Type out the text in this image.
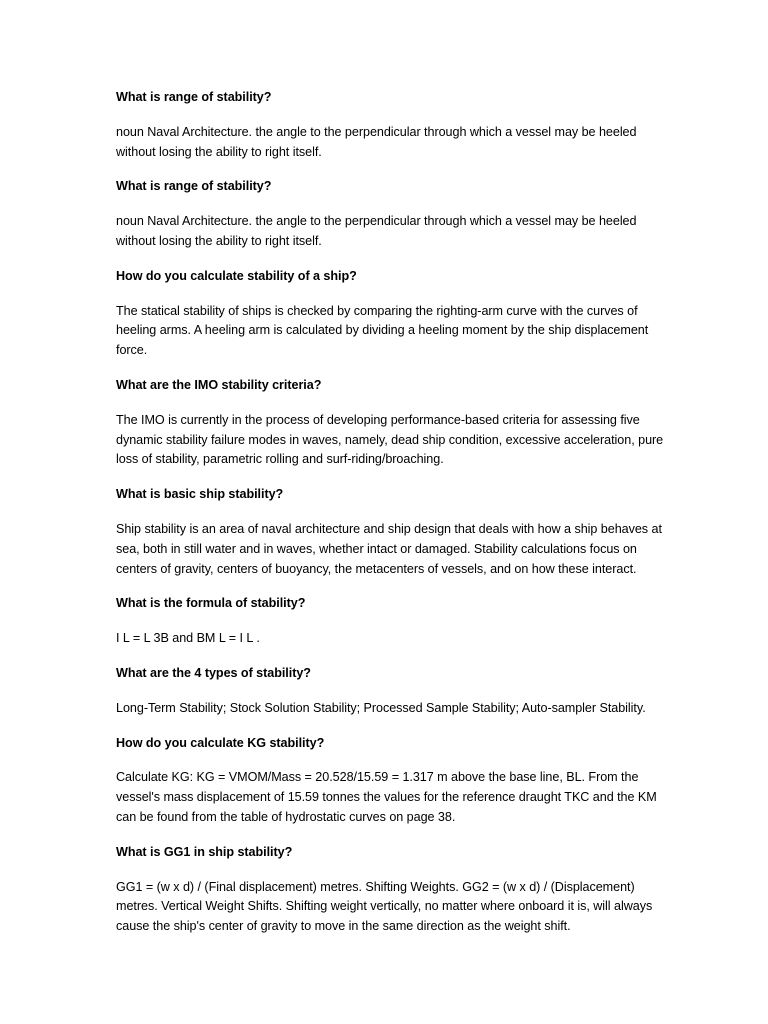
What is range of stability?

noun Naval Architecture. the angle to the perpendicular through which a vessel may be heeled without losing the ability to right itself.

What is range of stability?

noun Naval Architecture. the angle to the perpendicular through which a vessel may be heeled without losing the ability to right itself.

How do you calculate stability of a ship?

The statical stability of ships is checked by comparing the righting-arm curve with the curves of heeling arms. A heeling arm is calculated by dividing a heeling moment by the ship displacement force.

What are the IMO stability criteria?

The IMO is currently in the process of developing performance-based criteria for assessing five dynamic stability failure modes in waves, namely, dead ship condition, excessive acceleration, pure loss of stability, parametric rolling and surf-riding/broaching.

What is basic ship stability?

Ship stability is an area of naval architecture and ship design that deals with how a ship behaves at sea, both in still water and in waves, whether intact or damaged. Stability calculations focus on centers of gravity, centers of buoyancy, the metacenters of vessels, and on how these interact.

What is the formula of stability?

I L = L 3B and BM L = I L .

What are the 4 types of stability?

Long-Term Stability; Stock Solution Stability; Processed Sample Stability; Auto-sampler Stability.

How do you calculate KG stability?

Calculate KG: KG = VMOM/Mass = 20.528/15.59 = 1.317 m above the base line, BL. From the vessel's mass displacement of 15.59 tonnes the values for the reference draught TKC and the KM can be found from the table of hydrostatic curves on page 38.

What is GG1 in ship stability?

GG1 = (w x d) / (Final displacement) metres. Shifting Weights. GG2 = (w x d) / (Displacement) metres. Vertical Weight Shifts. Shifting weight vertically, no matter where onboard it is, will always cause the ship's center of gravity to move in the same direction as the weight shift.
